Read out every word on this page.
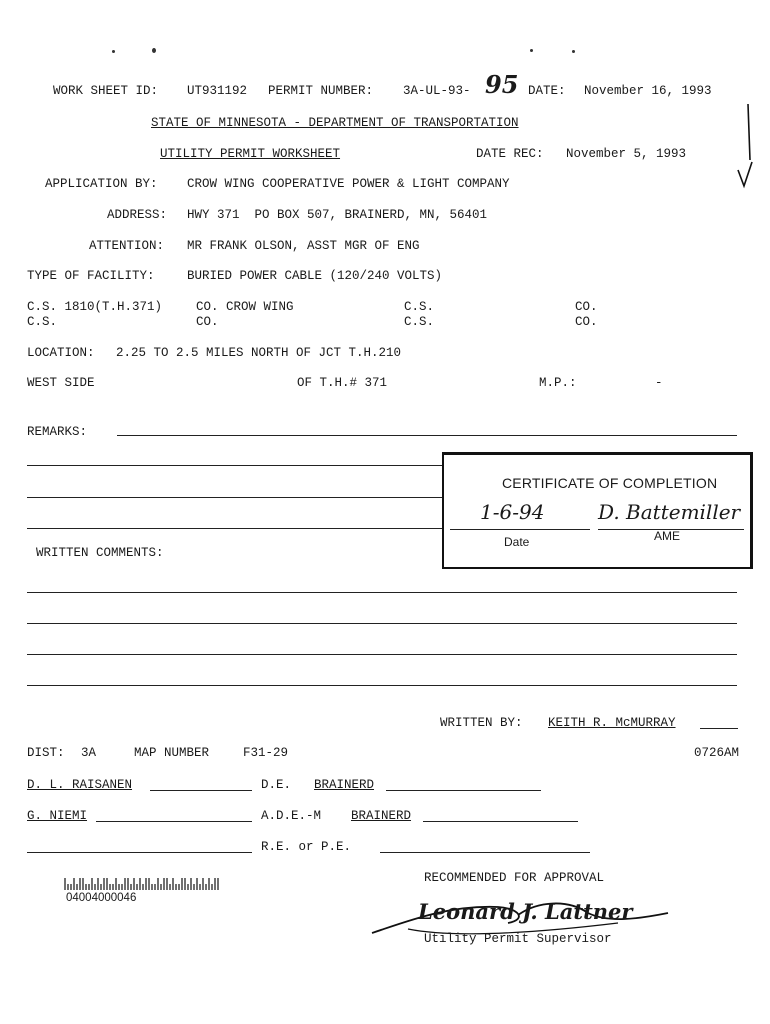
WORK SHEET ID: UT931192 PERMIT NUMBER: 3A-UL-93- 95 DATE: November 16, 1993
STATE OF MINNESOTA - DEPARTMENT OF TRANSPORTATION
UTILITY PERMIT WORKSHEET	DATE REC: November 5, 1993
APPLICATION BY: CROW WING COOPERATIVE POWER & LIGHT COMPANY
ADDRESS: HWY 371  PO BOX 507, BRAINERD, MN, 56401
ATTENTION: MR FRANK OLSON, ASST MGR OF ENG
TYPE OF FACILITY:	BURIED POWER CABLE (120/240 VOLTS)
C.S. 1810(T.H.371)	CO. CROW WING	C.S.	CO.
C.S.	CO.	C.S.	CO.
LOCATION: 2.25 TO 2.5 MILES NORTH OF JCT T.H.210
WEST SIDE	OF T.H.# 371	M.P.:	-
REMARKS:
CERTIFICATE OF COMPLETION
1-6-94	D. Battemiller
Date	AME
WRITTEN COMMENTS:
WRITTEN BY: KEITH R. McMURRAY
DIST: 3A	MAP NUMBER	F31-29	0726AM
D. L. RAISANEN	D.E. BRAINERD
G. NIEMI	A.D.E.-M BRAINERD
R.E. or P.E.
RECOMMENDED FOR APPROVAL
04004000046
Leonard J. Lattner
Utility Permit Supervisor
